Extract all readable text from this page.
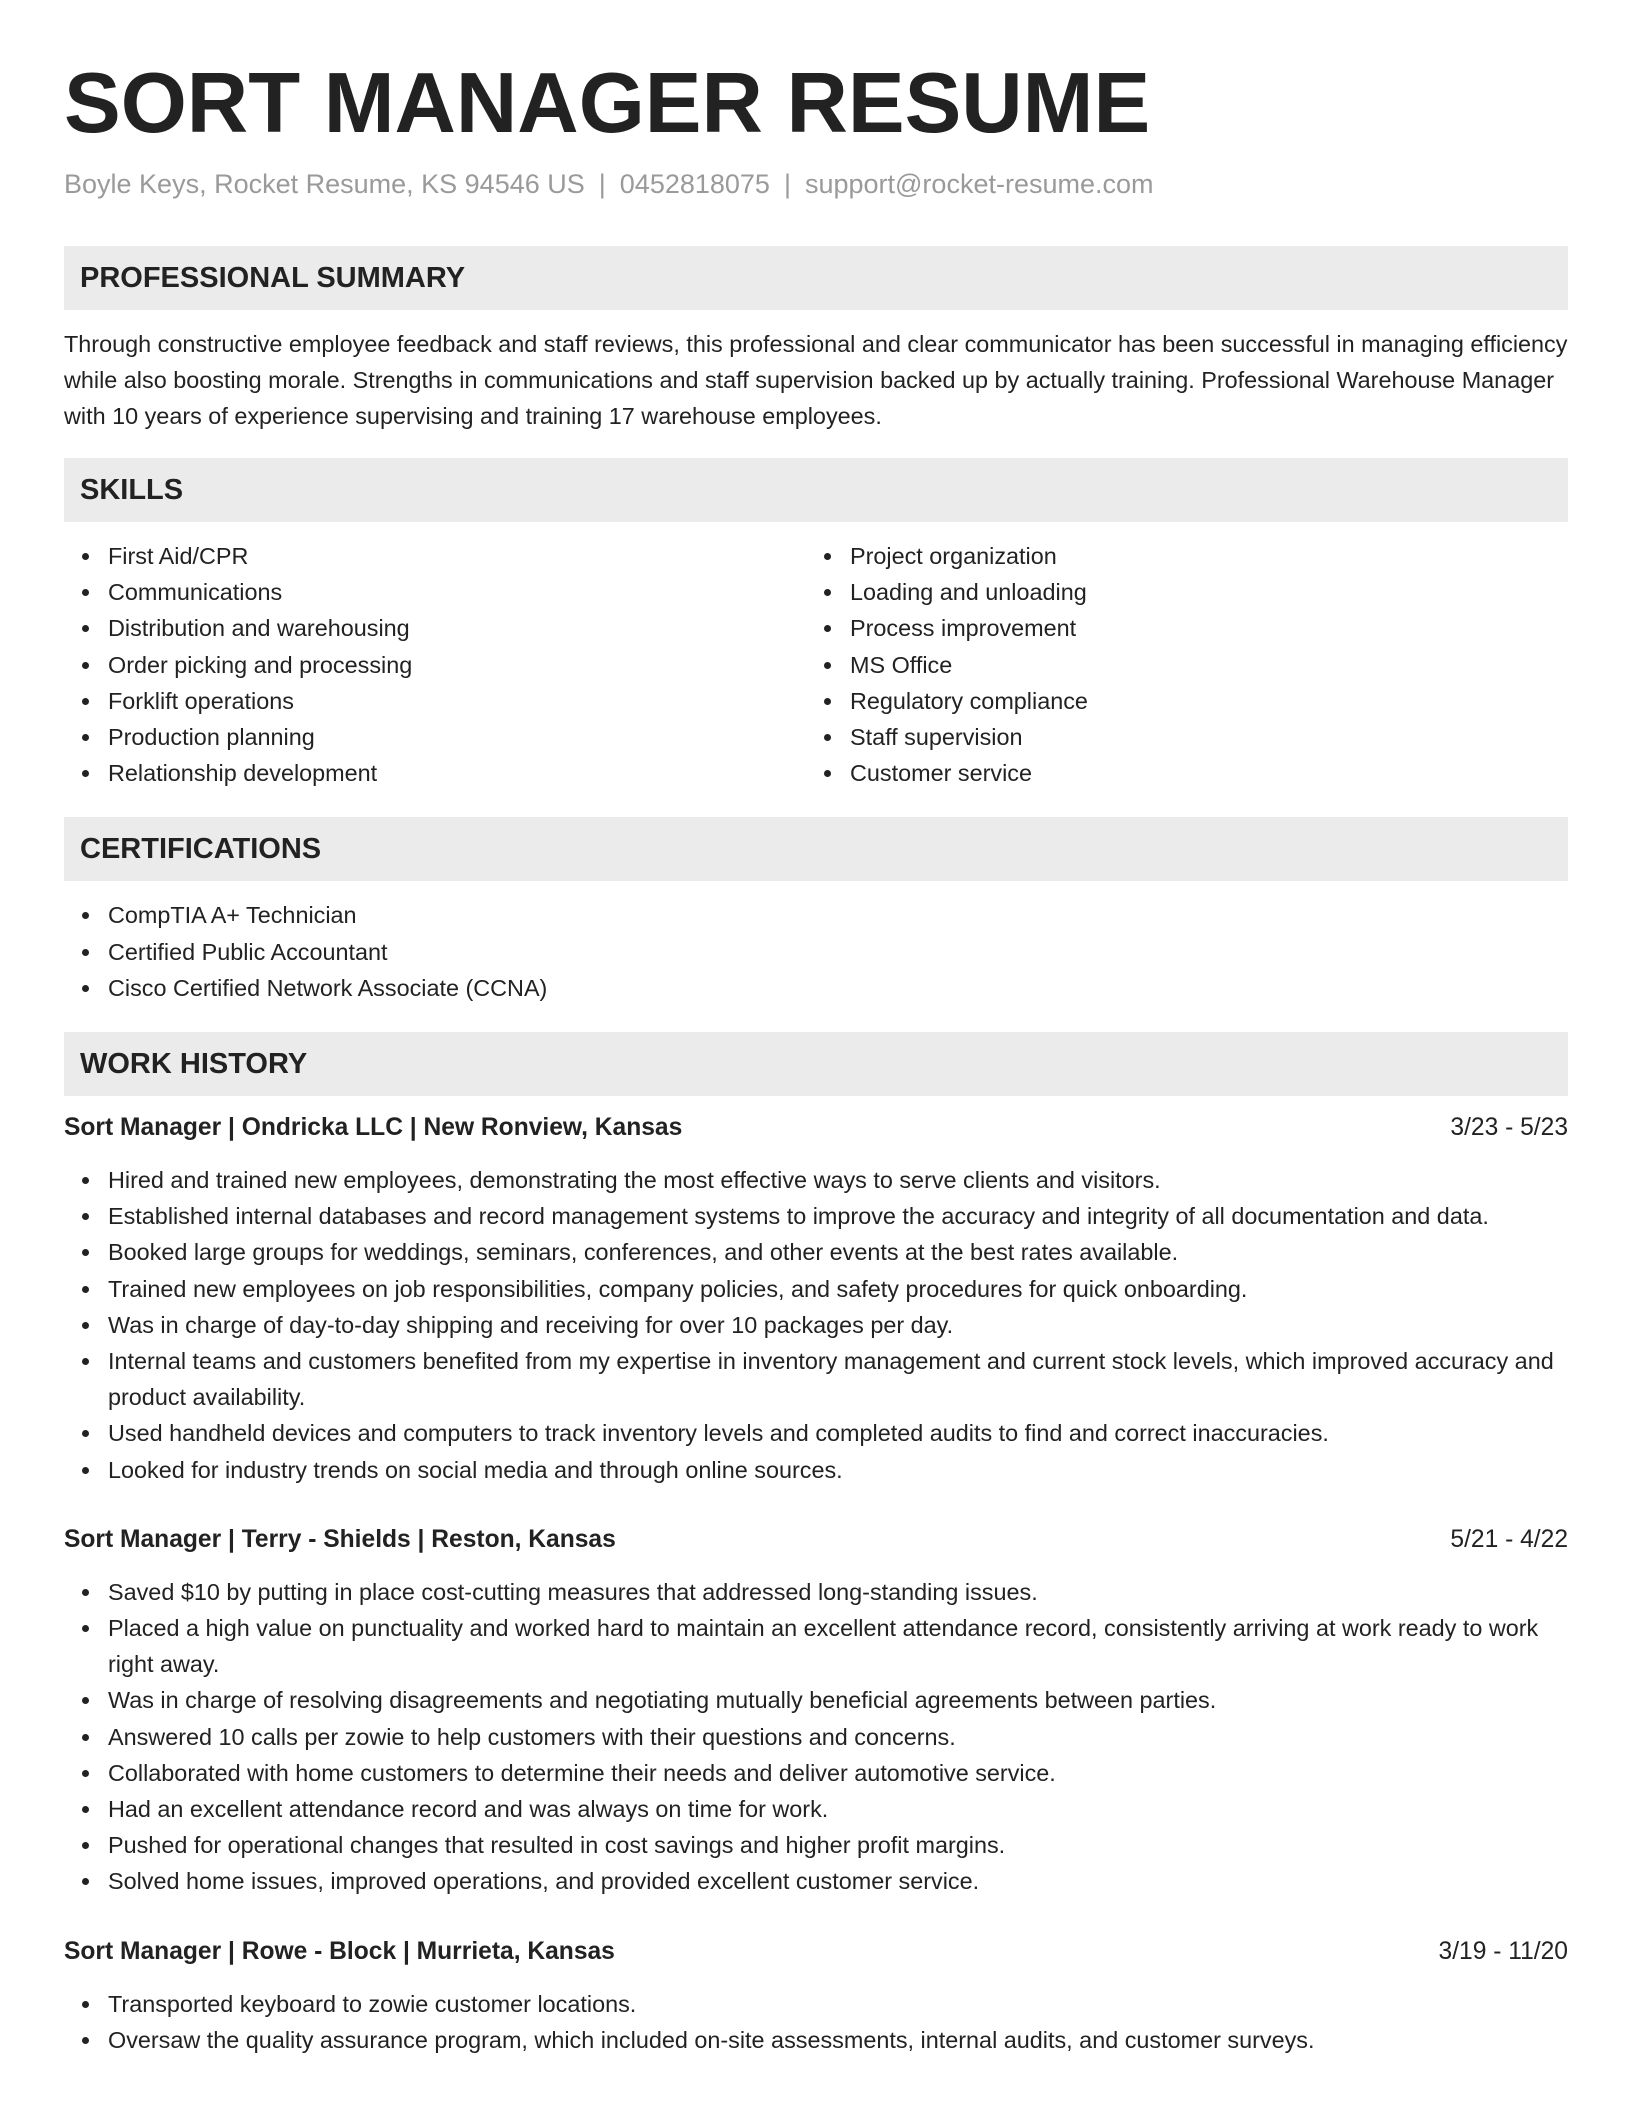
SORT MANAGER RESUME
Boyle Keys, Rocket Resume, KS 94546 US | 0452818075 | support@rocket-resume.com
PROFESSIONAL SUMMARY

Through constructive employee feedback and staff reviews, this professional and clear communicator has been successful in managing efficiency while also boosting morale. Strengths in communications and staff supervision backed up by actually training. Professional Warehouse Manager with 10 years of experience supervising and training 17 warehouse employees.

SKILLS
First Aid/CPR
Communications
Distribution and warehousing
Order picking and processing
Forklift operations
Production planning
Relationship development
Project organization
Loading and unloading
Process improvement
MS Office
Regulatory compliance
Staff supervision
Customer service
CERTIFICATIONS
CompTIA A+ Technician
Certified Public Accountant
Cisco Certified Network Associate (CCNA)
WORK HISTORY
Sort Manager | Ondricka LLC | New Ronview, Kansas	3/23 - 5/23
Hired and trained new employees, demonstrating the most effective ways to serve clients and visitors.
Established internal databases and record management systems to improve the accuracy and integrity of all documentation and data.
Booked large groups for weddings, seminars, conferences, and other events at the best rates available.
Trained new employees on job responsibilities, company policies, and safety procedures for quick onboarding.
Was in charge of day-to-day shipping and receiving for over 10 packages per day.
Internal teams and customers benefited from my expertise in inventory management and current stock levels, which improved accuracy and product availability.
Used handheld devices and computers to track inventory levels and completed audits to find and correct inaccuracies.
Looked for industry trends on social media and through online sources.
Sort Manager | Terry - Shields | Reston, Kansas	5/21 - 4/22
Saved $10 by putting in place cost-cutting measures that addressed long-standing issues.
Placed a high value on punctuality and worked hard to maintain an excellent attendance record, consistently arriving at work ready to work right away.
Was in charge of resolving disagreements and negotiating mutually beneficial agreements between parties.
Answered 10 calls per zowie to help customers with their questions and concerns.
Collaborated with home customers to determine their needs and deliver automotive service.
Had an excellent attendance record and was always on time for work.
Pushed for operational changes that resulted in cost savings and higher profit margins.
Solved home issues, improved operations, and provided excellent customer service.
Sort Manager | Rowe - Block | Murrieta, Kansas	3/19 - 11/20
Transported keyboard to zowie customer locations.
Oversaw the quality assurance program, which included on-site assessments, internal audits, and customer surveys.
